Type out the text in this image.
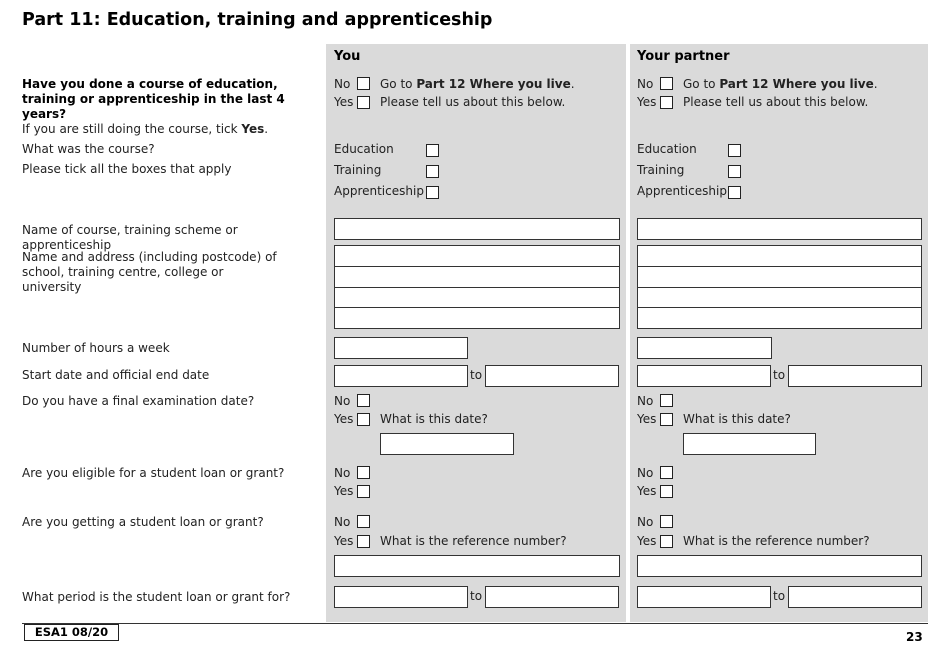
Part 11: Education, training and apprenticeship
You	Your partner
Have you done a course of education, training or apprenticeship in the last 4 years?
If you are still doing the course, tick Yes.
What was the course?
Please tick all the boxes that apply
Name of course, training scheme or apprenticeship
Name and address (including postcode) of school, training centre, college or university
Number of hours a week
Start date and official end date
Do you have a final examination date?
Are you eligible for a student loan or grant?
Are you getting a student loan or grant?
What period is the student loan or grant for?
No Go to Part 12 Where you live.
Yes Please tell us about this below.
Education
Training
Apprenticeship
to
No
Yes What is this date?
No
Yes
No
Yes What is the reference number?
to
No Go to Part 12 Where you live.
Yes Please tell us about this below.
Education
Training
Apprenticeship
to
No
Yes What is this date?
No
Yes
No
Yes What is the reference number?
to
ESA1 08/20	23
